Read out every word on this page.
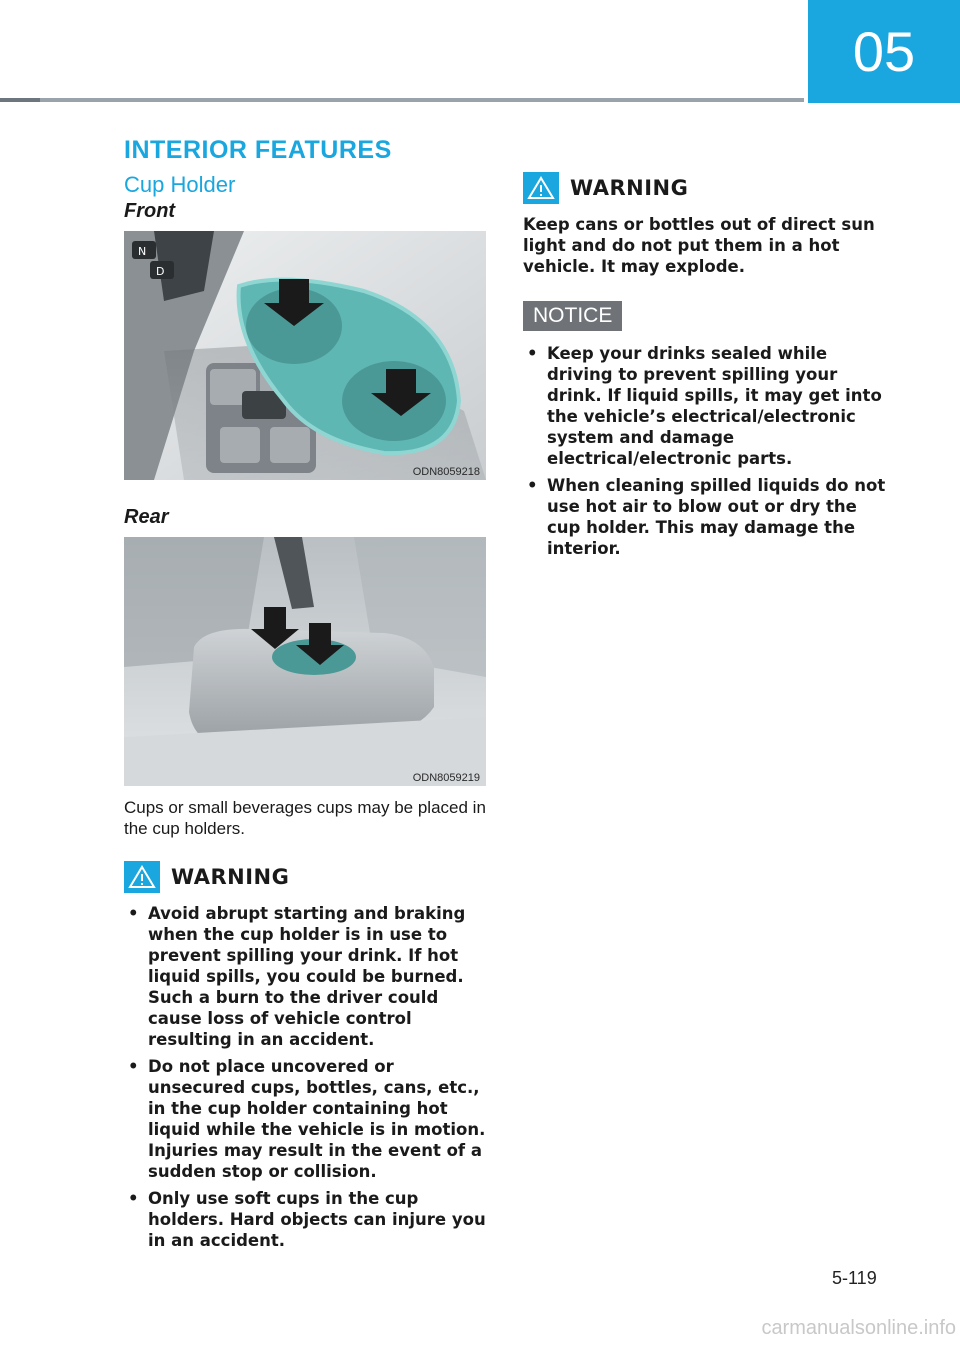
05
INTERIOR FEATURES
Cup Holder
Front
N
D
ODN8059218
Rear
ODN8059219

Cups or small beverages cups may be placed in the cup holders.

WARNING
• Avoid abrupt starting and braking when the cup holder is in use to prevent spilling your drink. If hot liquid spills, you could be burned. Such a burn to the driver could cause loss of vehicle control resulting in an accident.
• Do not place uncovered or unsecured cups, bottles, cans, etc., in the cup holder containing hot liquid while the vehicle is in motion. Injuries may result in the event of a sudden stop or collision.
• Only use soft cups in the cup holders. Hard objects can injure you in an accident.
WARNING

Keep cans or bottles out of direct sun light and do not put them in a hot vehicle. It may explode.

NOTICE
• Keep your drinks sealed while driving to prevent spilling your drink. If liquid spills, it may get into the vehicle’s electrical/electronic system and damage electrical/electronic parts.
• When cleaning spilled liquids do not use hot air to blow out or dry the cup holder. This may damage the interior.
5-119
carmanualsonline.info
